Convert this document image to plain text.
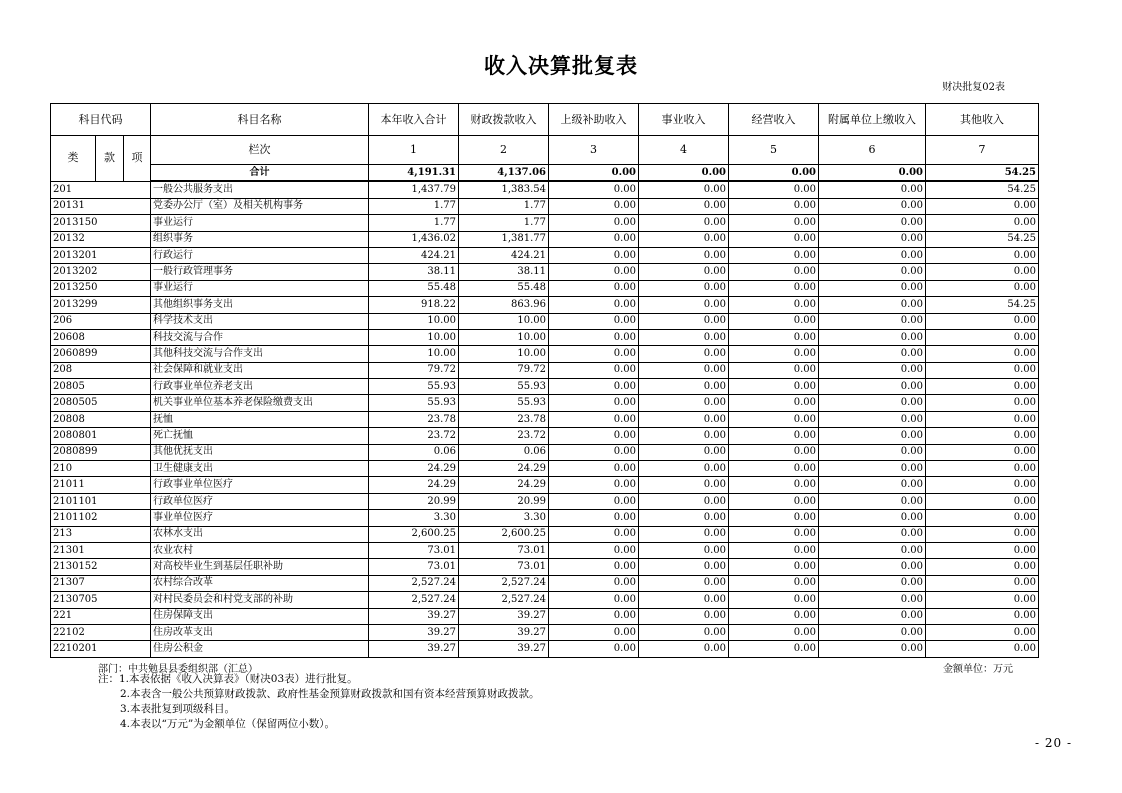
收入决算批复表
财决批复02表
科目代码			科目名称	本年收入合计	财政拨款收入	上级补助收入	事业收入	经营收入	附属单位上缴收入	其他收入
类	款	项	栏次	1	2	3	4	5	6	7
			合计	4,191.31	4,137.06	0.00	0.00	0.00	0.00	54.25
201			一般公共服务支出	1,437.79	1,383.54	0.00	0.00	0.00	0.00	54.25
20131			党委办公厅（室）及相关机构事务	1.77	1.77	0.00	0.00	0.00	0.00	0.00
2013150			事业运行	1.77	1.77	0.00	0.00	0.00	0.00	0.00
20132			组织事务	1,436.02	1,381.77	0.00	0.00	0.00	0.00	54.25
2013201			行政运行	424.21	424.21	0.00	0.00	0.00	0.00	0.00
2013202			一般行政管理事务	38.11	38.11	0.00	0.00	0.00	0.00	0.00
2013250			事业运行	55.48	55.48	0.00	0.00	0.00	0.00	0.00
2013299			其他组织事务支出	918.22	863.96	0.00	0.00	0.00	0.00	54.25
206			科学技术支出	10.00	10.00	0.00	0.00	0.00	0.00	0.00
20608			科技交流与合作	10.00	10.00	0.00	0.00	0.00	0.00	0.00
2060899			其他科技交流与合作支出	10.00	10.00	0.00	0.00	0.00	0.00	0.00
208			社会保障和就业支出	79.72	79.72	0.00	0.00	0.00	0.00	0.00
20805			行政事业单位养老支出	55.93	55.93	0.00	0.00	0.00	0.00	0.00
2080505			机关事业单位基本养老保险缴费支出	55.93	55.93	0.00	0.00	0.00	0.00	0.00
20808			抚恤	23.78	23.78	0.00	0.00	0.00	0.00	0.00
2080801			死亡抚恤	23.72	23.72	0.00	0.00	0.00	0.00	0.00
2080899			其他优抚支出	0.06	0.06	0.00	0.00	0.00	0.00	0.00
210			卫生健康支出	24.29	24.29	0.00	0.00	0.00	0.00	0.00
21011			行政事业单位医疗	24.29	24.29	0.00	0.00	0.00	0.00	0.00
2101101			行政单位医疗	20.99	20.99	0.00	0.00	0.00	0.00	0.00
2101102			事业单位医疗	3.30	3.30	0.00	0.00	0.00	0.00	0.00
213			农林水支出	2,600.25	2,600.25	0.00	0.00	0.00	0.00	0.00
21301			农业农村	73.01	73.01	0.00	0.00	0.00	0.00	0.00
2130152			对高校毕业生到基层任职补助	73.01	73.01	0.00	0.00	0.00	0.00	0.00
21307			农村综合改革	2,527.24	2,527.24	0.00	0.00	0.00	0.00	0.00
2130705			对村民委员会和村党支部的补助	2,527.24	2,527.24	0.00	0.00	0.00	0.00	0.00
221			住房保障支出	39.27	39.27	0.00	0.00	0.00	0.00	0.00
22102			住房改革支出	39.27	39.27	0.00	0.00	0.00	0.00	0.00
2210201			住房公积金	39.27	39.27	0.00	0.00	0.00	0.00	0.00
部门：中共勉县县委组织部（汇总）	金额单位：万元
注：1.本表依据《收入决算表》（财决03表）进行批复。
2.本表含一般公共预算财政拨款、政府性基金预算财政拨款和国有资本经营预算财政拨款。
3.本表批复到项级科目。
4.本表以“万元”为金额单位（保留两位小数）。
- 20 -
